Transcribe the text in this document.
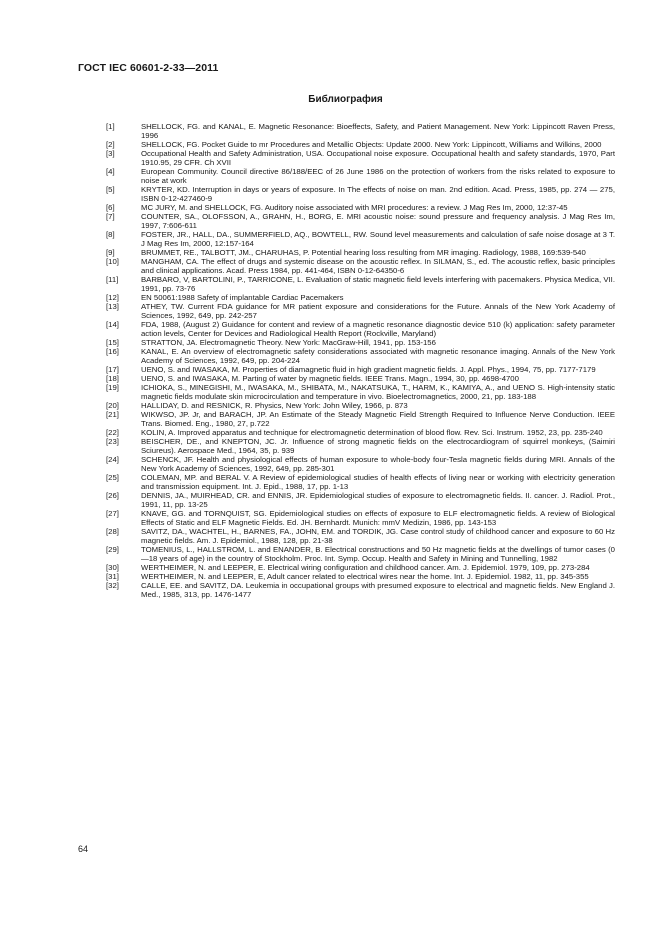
ГОСТ IEC 60601-2-33—2011
Библиография
[1]	SHELLOCK, FG. and KANAL, E. Magnetic Resonance: Bioeffects, Safety, and Patient Management. New York: Lippincott Raven Press, 1996
[2]	SHELLOCK, FG. Pocket Guide to mr Procedures and Metallic Objects: Update 2000. New York: Lippincott, Williams and Wilkins, 2000
[3]	Occupational Health and Safety Administration, USA. Occupational noise exposure. Occupational health and safety standards, 1970, Part 1910.95, 29 CFR. Ch XVII
[4]	European Community. Council directive 86/188/EEC of 26 June 1986 on the protection of workers from the risks related to exposure to noise at work
[5]	KRYTER, KD. Interruption in days or years of exposure. In The effects of noise on man. 2nd edition. Acad. Press, 1985, pp. 274 — 275, ISBN 0-12-427460-9
[6]	MC JURY, M. and SHELLOCK, FG. Auditory noise associated with MRI procedures: a review. J Mag Res Im, 2000, 12:37-45
[7]	COUNTER, SA., OLOFSSON, A., GRAHN, H., BORG, E. MRI acoustic noise: sound pressure and frequency analysis. J Mag Res Im, 1997, 7:606-611
[8]	FOSTER, JR., HALL, DA., SUMMERFIELD, AQ., BOWTELL, RW. Sound level measurements and calculation of safe noise dosage at 3 T. J Mag Res Im, 2000, 12:157-164
[9]	BRUMMET, RE., TALBOTT, JM., CHARUHAS, P. Potential hearing loss resulting from MR imaging. Radiology, 1988, 169:539-540
[10]	MANGHAM, CA. The effect of drugs and systemic disease on the acoustic reflex. In SILMAN, S., ed. The acoustic reflex, basic principles and clinical applications. Acad. Press 1984, pp. 441-464, ISBN 0-12-64350-6
[11]	BARBARO, V, BARTOLINI, P., TARRICONE, L. Evaluation of static magnetic field levels interfering with pacemakers. Physica Medica, VII. 1991, pp. 73-76
[12]	EN 50061:1988 Safety of implantable Cardiac Pacemakers
[13]	ATHEY, TW. Current FDA guidance for MR patient exposure and considerations for the Future. Annals of the New York Academy of Sciences, 1992, 649, pp. 242-257
[14]	FDA, 1988, (August 2) Guidance for content and review of a magnetic resonance diagnostic device 510 (k) application: safety parameter action levels, Center for Devices and Radiological Health Report (Rockville, Maryland)
[15]	STRATTON, JA. Electromagnetic Theory. New York: MacGraw-Hill, 1941, pp. 153-156
[16]	KANAL, E. An overview of electromagnetic safety considerations associated with magnetic resonance imaging. Annals of the New York Academy of Sciences, 1992, 649, pp. 204-224
[17]	UENO, S. and IWASAKA, M. Properties of diamagnetic fluid in high gradient magnetic fields. J. Appl. Phys., 1994, 75, pp. 7177-7179
[18]	UENO, S. and IWASAKA, M. Parting of water by magnetic fields. IEEE Trans. Magn., 1994, 30, pp. 4698-4700
[19]	ICHIOKA, S., MINEGISHI, M., IWASAKA, M., SHIBATA, M., NAKATSUKA, T., HARM, K., KAMIYA, A., and UENO S. High-intensity static magnetic fields modulate skin microcirculation and temperature in vivo. Bioelectromagnetics, 2000, 21, pp. 183-188
[20]	HALLIDAY, D. and RESNICK, R. Physics, New York: John Wiley, 1966, p. 873
[21]	WIKWSO, JP. Jr, and BARACH, JP. An Estimate of the Steady Magnetic Field Strength Required to Influence Nerve Conduction. IEEE Trans. Biomed. Eng., 1980, 27, p.722
[22]	KOLIN, A. Improved apparatus and technique for electromagnetic determination of blood flow. Rev. Sci. Instrum. 1952, 23, pp. 235-240
[23]	BEISCHER, DE., and KNEPTON, JC. Jr. Influence of strong magnetic fields on the electrocardiogram of squirrel monkeys, (Saimiri Sciureus). Aerospace Med., 1964, 35, p. 939
[24]	SCHENCK, JF. Health and physiological effects of human exposure to whole-body four-Tesla magnetic fields during MRI. Annals of the New York Academy of Sciences, 1992, 649, pp. 285-301
[25]	COLEMAN, MP. and BERAL V. A Review of epidemiological studies of health effects of living near or working with electricity generation and transmission equipment. Int. J. Epid., 1988, 17, pp. 1-13
[26]	DENNIS, JA., MUIRHEAD, CR. and ENNIS, JR. Epidemiological studies of exposure to electromagnetic fields. II. cancer. J. Radiol. Prot., 1991, 11, pp. 13-25
[27]	KNAVE, GG. and TORNQUIST, SG. Epidemiological studies on effects of exposure to ELF electromagnetic fields. A review of Biological Effects of Static and ELF Magnetic Fields. Ed. JH. Bernhardt. Munich: mmV Medizin, 1986, pp. 143-153
[28]	SAVITZ, DA., WACHTEL, H., BARNES, FA., JOHN, EM. and TORDIK, JG. Case control study of childhood cancer and exposure to 60 Hz magnetic fields. Am. J. Epidemiol., 1988, 128, pp. 21-38
[29]	TOMENIUS, L., HALLSTROM, L. and ENANDER, B. Electrical constructions and 50 Hz magnetic fields at the dwellings of tumor cases (0—18 years of age) in the country of Stockholm. Proc. Int. Symp. Occup. Health and Safety in Mining and Tunnelling, 1982
[30]	WERTHEIMER, N. and LEEPER, E. Electrical wiring configuration and childhood cancer. Am. J. Epidemiol. 1979, 109, pp. 273-284
[31]	WERTHEIMER, N. and LEEPER, E, Adult cancer related to electrical wires near the home. Int. J. Epidemiol. 1982, 11, pp. 345-355
[32]	CALLE, EE. and SAVITZ, DA. Leukemia in occupational groups with presumed exposure to electrical and magnetic fields. New England J. Med., 1985, 313, pp. 1476-1477
64
